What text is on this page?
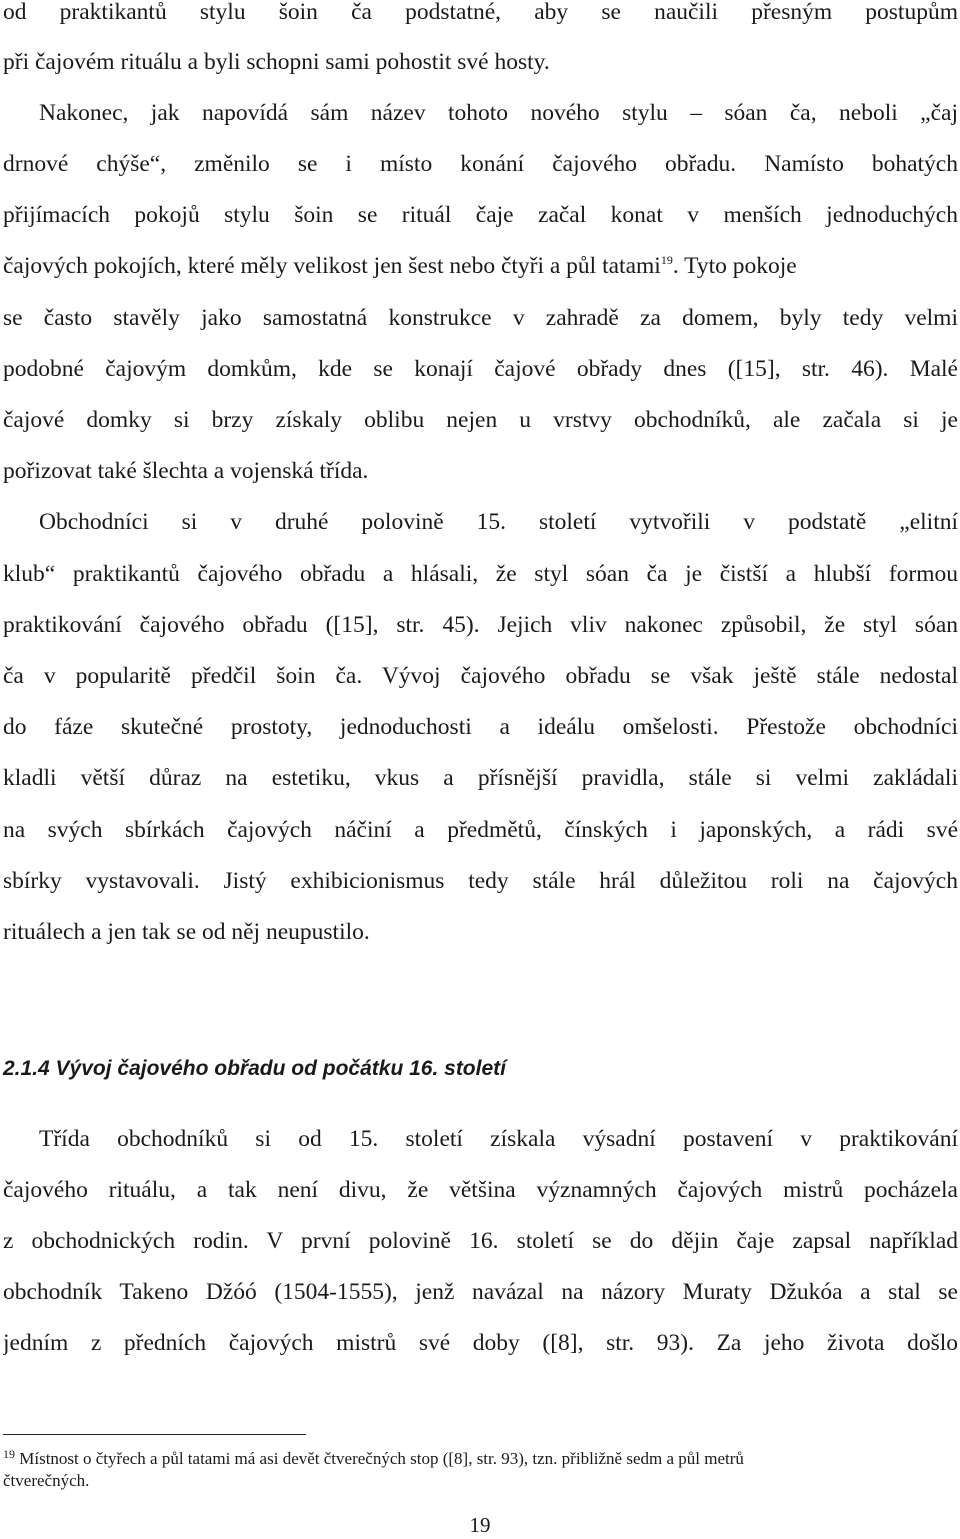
od praktikantů stylu šoin ča podstatné, aby se naučili přesným postupům
při čajovém rituálu a byli schopni sami pohostit své hosty.
Nakonec, jak napovídá sám název tohoto nového stylu – sóan ča, neboli „čaj
drnové chýše“, změnilo se i místo konání čajového obřadu. Namísto bohatých
přijímacích pokojů stylu šoin se rituál čaje začal konat v menších jednoduchých
čajových pokojích, které měly velikost jen šest nebo čtyři a půl tatami$^{19}$. Tyto pokoje
se často stavěly jako samostatná konstrukce v zahradě za domem, byly tedy velmi
podobné čajovým domkům, kde se konají čajové obřady dnes ([15], str. 46). Malé
čajové domky si brzy získaly oblibu nejen u vrstvy obchodníků, ale začala si je
pořizovat také šlechta a vojenská třída.
Obchodníci si v druhé polovině 15. století vytvořili v podstatě „elitní
klub“ praktikantů čajového obřadu a hlásali, že styl sóan ča je čistší a hlubší formou
praktikování čajového obřadu ([15], str. 45). Jejich vliv nakonec způsobil, že styl sóan
ča v popularitě předčil šoin ča. Vývoj čajového obřadu se však ještě stále nedostal
do fáze skutečné prostoty, jednoduchosti a ideálu omšelosti. Přestože obchodníci
kladli větší důraz na estetiku, vkus a přísnější pravidla, stále si velmi zakládali
na svých sbírkách čajových náčiní a předmětů, čínských i japonských, a rádi své
sbírky vystavovali. Jistý exhibicionismus tedy stále hrál důležitou roli na čajových
rituálech a jen tak se od něj neupustilo.
2.1.4 Vývoj čajového obřadu od počátku 16. století
Třída obchodníků si od 15. století získala výsadní postavení v praktikování
čajového rituálu, a tak není divu, že většina významných čajových mistrů pocházela
z obchodnických rodin. V první polovině 16. století se do dějin čaje zapsal například
obchodník Takeno Džóó (1504-1555), jenž navázal na názory Muraty Džukóa a stal se
jedním z předních čajových mistrů své doby ([8], str. 93). Za jeho života došlo
$^{19}$ Místnost o čtyřech a půl tatami má asi devět čtverečných stop ([8], str. 93), tzn. přibližně sedm a půl metrů
čtverečných.
19
